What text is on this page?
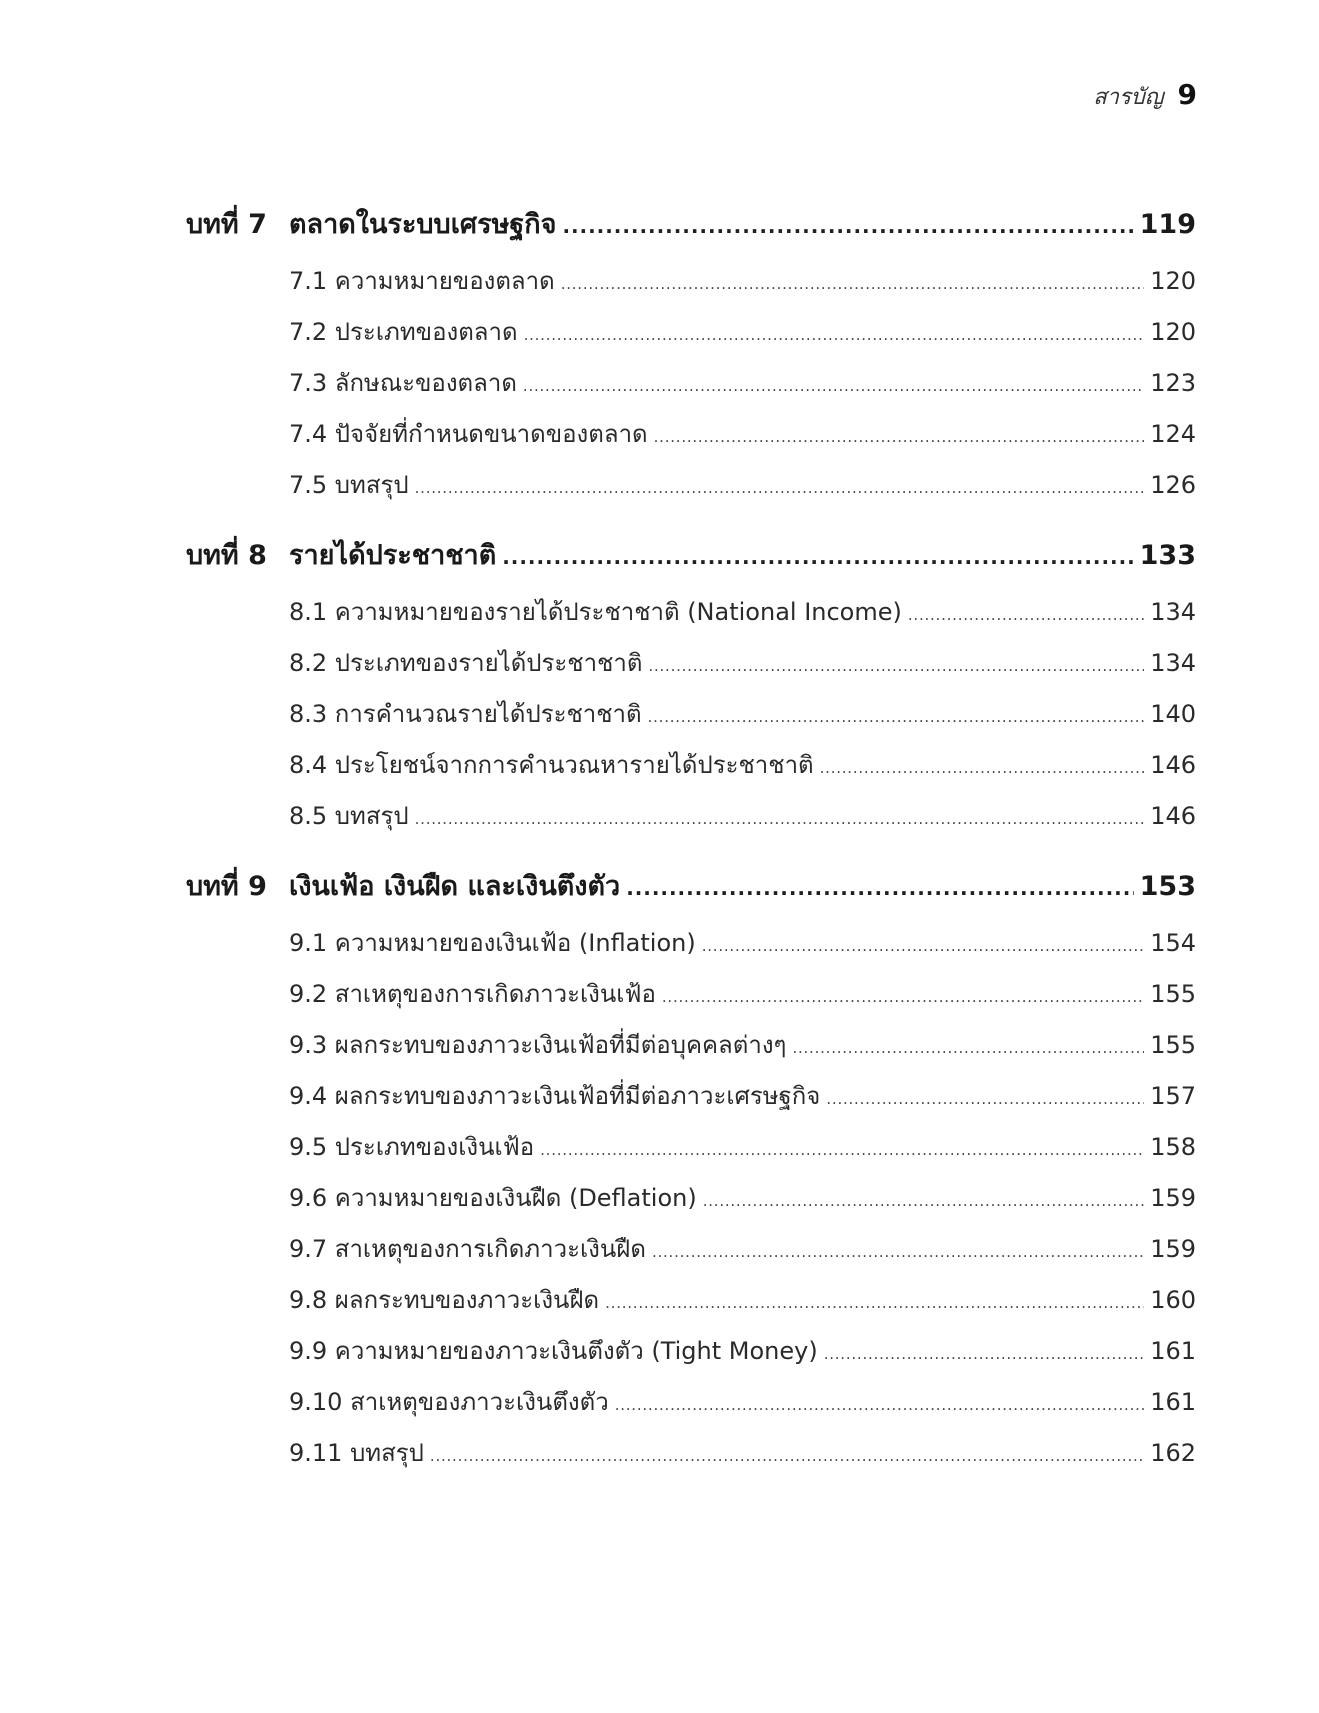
สารบัญ 9
บทที่ 7 ตลาดในระบบเศรษฐกิจ . . .	119
7.1 ความหมายของตลาด . . .	120
7.2 ประเภทของตลาด . . .	120
7.3 ลักษณะของตลาด . . .	123
7.4 ปัจจัยที่กำหนดขนาดของตลาด . . .	124
7.5 บทสรุป . . .	126
บทที่ 8 รายได้ประชาชาติ . . .	133
8.1 ความหมายของรายได้ประชาชาติ (National Income) . . .	134
8.2 ประเภทของรายได้ประชาชาติ . . .	134
8.3 การคำนวณรายได้ประชาชาติ . . .	140
8.4 ประโยชน์จากการคำนวณหารายได้ประชาชาติ . . .	146
8.5 บทสรุป . . .	146
บทที่ 9 เงินเฟ้อ เงินฝืด และเงินตึงตัว . . .	153
9.1 ความหมายของเงินเฟ้อ (Inflation) . . .	154
9.2 สาเหตุของการเกิดภาวะเงินเฟ้อ . . .	155
9.3 ผลกระทบของภาวะเงินเฟ้อที่มีต่อบุคคลต่างๆ . . .	155
9.4 ผลกระทบของภาวะเงินเฟ้อที่มีต่อภาวะเศรษฐกิจ . . .	157
9.5 ประเภทของเงินเฟ้อ . . .	158
9.6 ความหมายของเงินฝืด (Deflation) . . .	159
9.7 สาเหตุของการเกิดภาวะเงินฝืด . . .	159
9.8 ผลกระทบของภาวะเงินฝืด . . .	160
9.9 ความหมายของภาวะเงินตึงตัว (Tight Money) . . .	161
9.10 สาเหตุของภาวะเงินตึงตัว . . .	161
9.11 บทสรุป . . .	162
